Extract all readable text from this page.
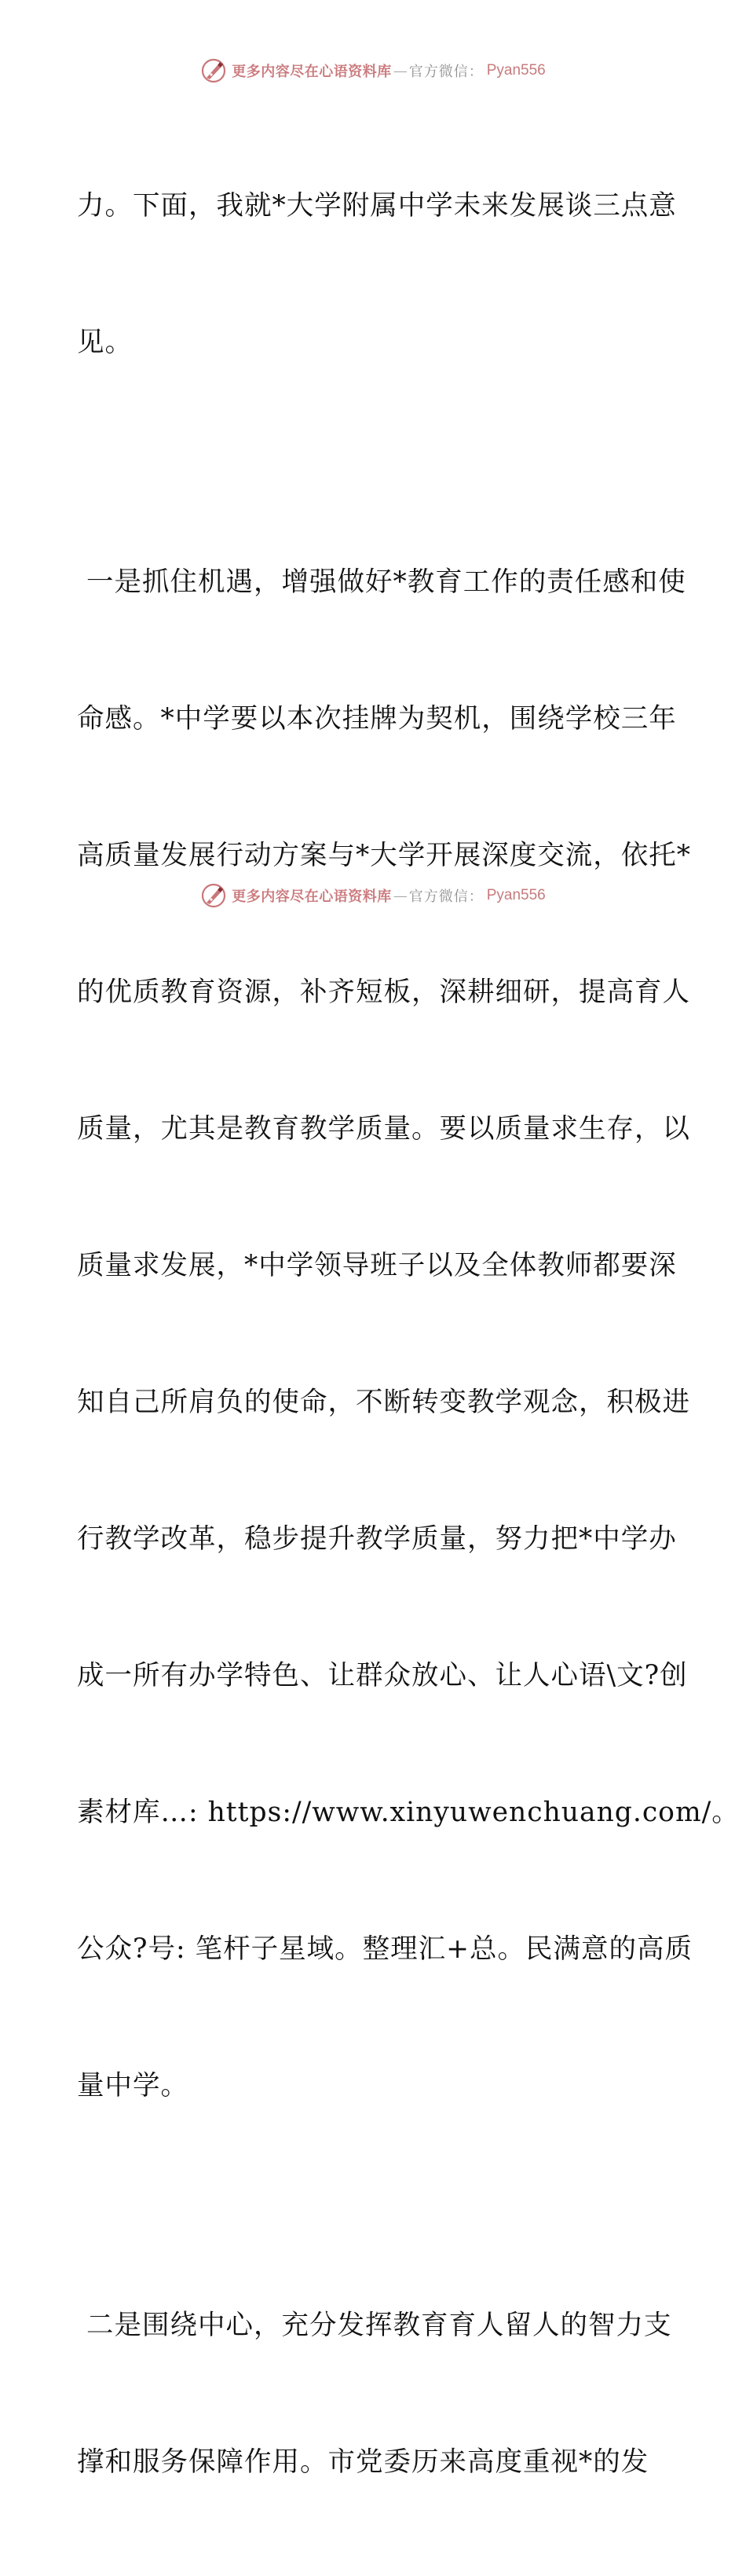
更多内容尽在心语资料库 — 官方微信： Pyan556

力。下面，我就*大学附属中学未来发展谈三点意

见。

一是抓住机遇，增强做好*教育工作的责任感和使

命感。*中学要以本次挂牌为契机，围绕学校三年

高质量发展行动方案与*大学开展深度交流，依托*

的优质教育资源，补齐短板，深耕细研，提高育人

质量，尤其是教育教学质量。要以质量求生存，以

质量求发展，*中学领导班子以及全体教师都要深

知自己所肩负的使命，不断转变教学观念，积极进

行教学改革，稳步提升教学质量，努力把*中学办

成一所有办学特色、让群众放心、让人心语\文?创

素材库…: https://www.xinyuwenchuang.com/。

公众?号: 笔杆子星域。整理汇+总。民满意的高质

量中学。

二是围绕中心，充分发挥教育育人留人的智力支

撑和服务保障作用。市党委历来高度重视*的发

更多内容尽在心语资料库 — 官方微信： Pyan556
